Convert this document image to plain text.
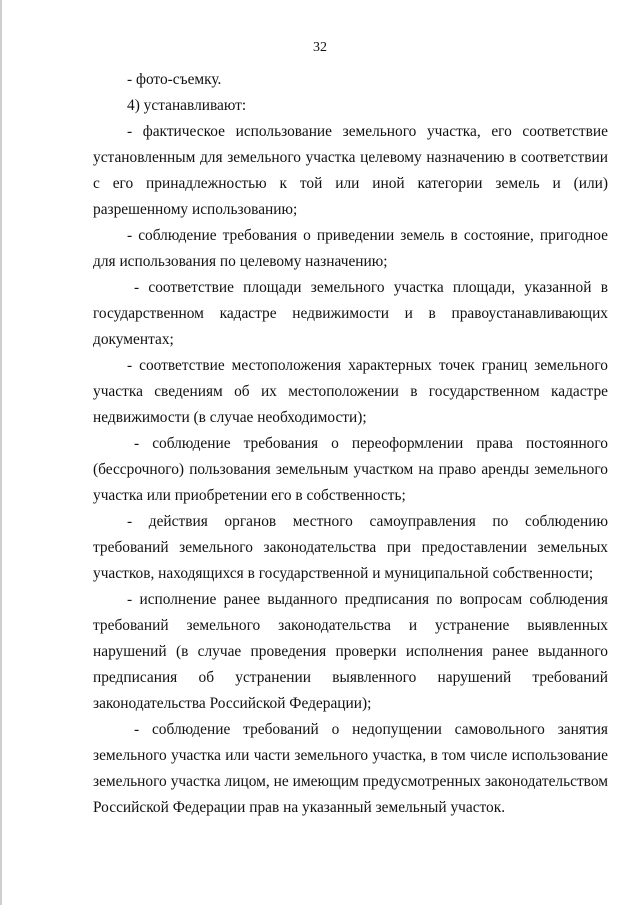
32

- фото-съемку.

4) устанавливают:

- фактическое использование земельного участка, его соответствие установленным для земельного участка целевому назначению в соответствии с его принадлежностью к той или иной категории земель и (или) разрешенному использованию;

- соблюдение требования о приведении земель в состояние, пригодное для использования по целевому назначению;

- соответствие площади земельного участка площади, указанной в государственном кадастре недвижимости и в правоустанавливающих документах;

- соответствие местоположения характерных точек границ земельного участка сведениям об их местоположении в государственном кадастре недвижимости (в случае необходимости);

- соблюдение требования о переоформлении права постоянного (бессрочного) пользования земельным участком на право аренды земельного участка или приобретении его в собственность;

- действия органов местного самоуправления по соблюдению требований земельного законодательства при предоставлении земельных участков, находящихся в государственной и муниципальной собственности;

- исполнение ранее выданного предписания по вопросам соблюдения требований земельного законодательства и устранение выявленных нарушений (в случае проведения проверки исполнения ранее выданного предписания об устранении выявленного нарушений требований законодательства Российской Федерации);

- соблюдение требований о недопущении самовольного занятия земельного участка или части земельного участка, в том числе использование земельного участка лицом, не имеющим предусмотренных законодательством Российской Федерации прав на указанный земельный участок.
